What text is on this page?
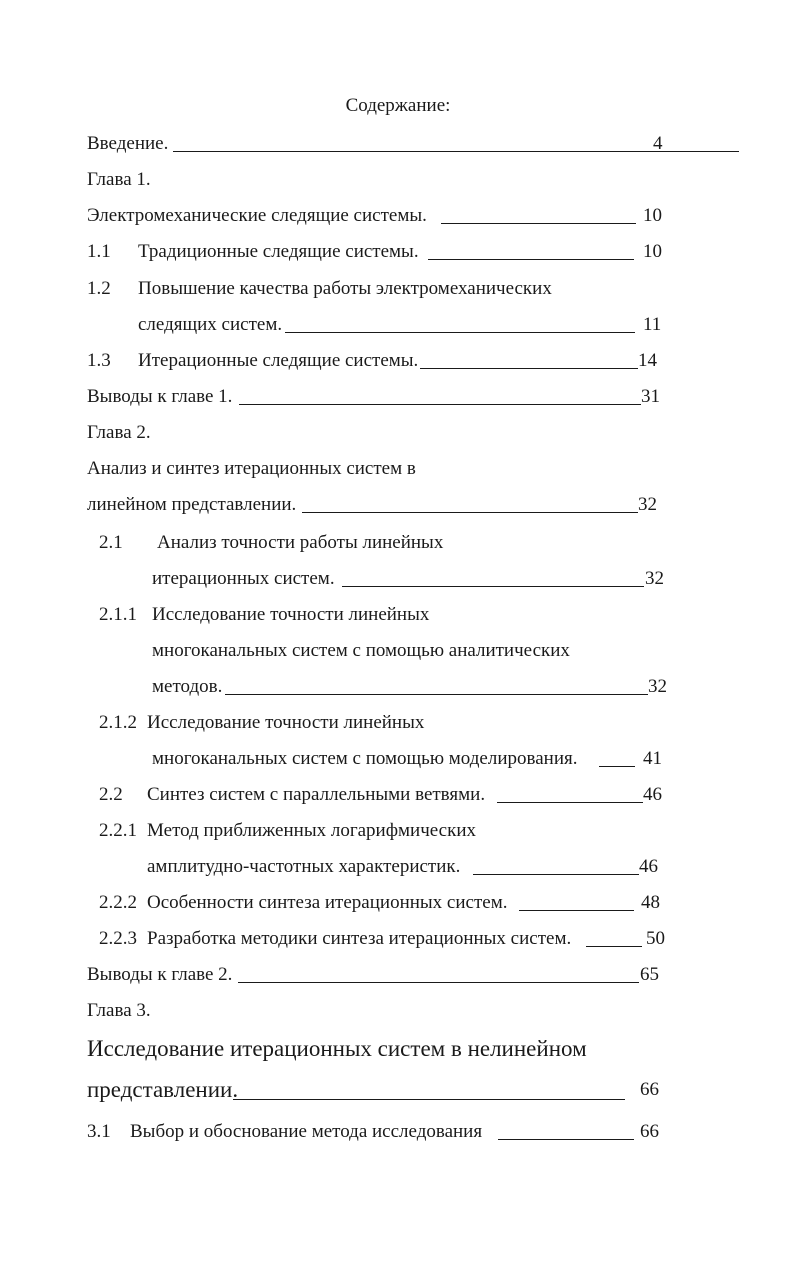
Содержание:
Введение.	4
Глава 1.
Электромеханические следящие системы.	10
1.1 Традиционные следящие системы.	10
1.2 Повышение качества работы электромеханических
следящих систем.	11
1.3 Итерационные следящие системы.	14
Выводы к главе 1.	31
Глава 2.
Анализ и синтез итерационных систем в
линейном представлении.	32
2.1 Анализ точности работы линейных
итерационных систем.	32
2.1.1 Исследование точности линейных
многоканальных систем с помощью аналитических
методов.	32
2.1.2 Исследование точности линейных
многоканальных систем с помощью моделирования.	41
2.2 Синтез систем с параллельными ветвями.	46
2.2.1 Метод приближенных логарифмических
амплитудно-частотных характеристик.	46
2.2.2 Особенности синтеза итерационных систем.	48
2.2.3 Разработка методики синтеза итерационных систем.	50
Выводы к главе 2.	65
Глава 3.
Исследование итерационных систем в нелинейном
представлении.	66
3.1 Выбор и обоснование метода исследования	66
